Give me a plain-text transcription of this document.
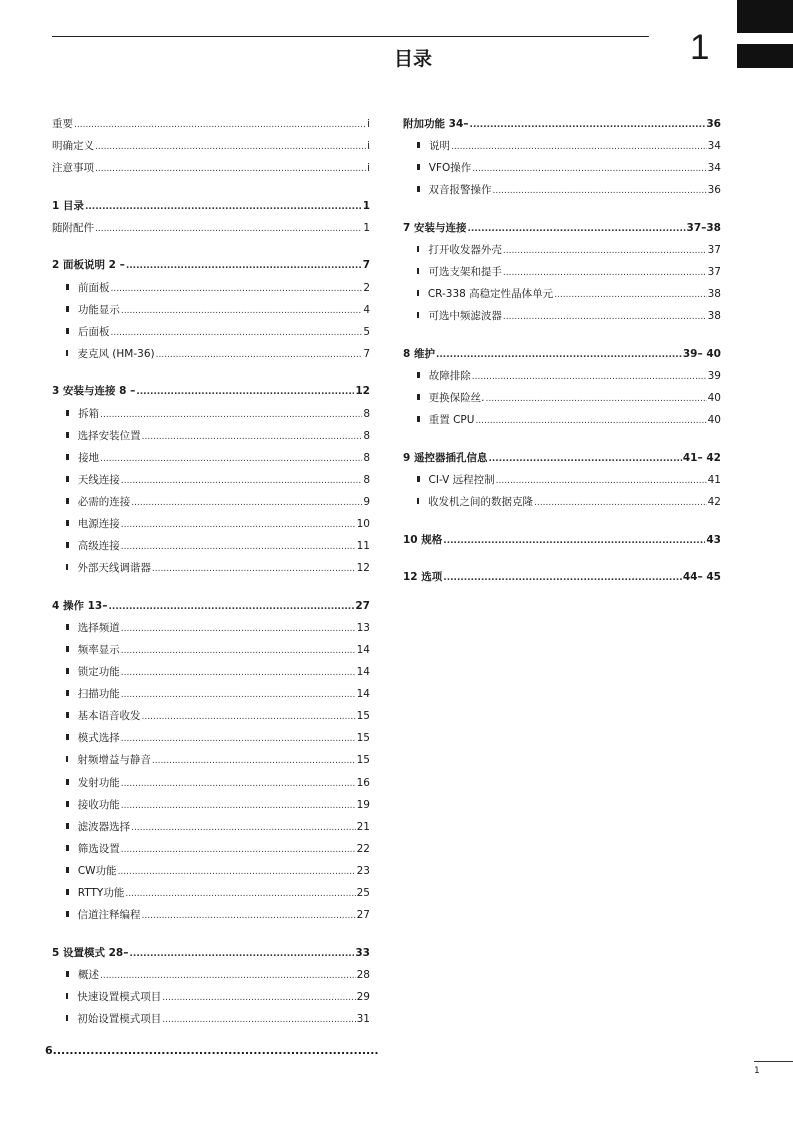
目录	1
重要 .....	i
明确定义 .....	i
注意事项 .....	i
1 目录 .....	1
随附配件 .....	1
2 面板说明 2 – .....	7
前面板 .....	2
功能显示 .....	4
后面板 .....	5
麦克风 (HM-36) .....	7
3 安装与连接 8 – .....	12
拆箱 .....	8
选择安装位置 .....	8
接地 .....	8
天线连接 .....	8
必需的连接 .....	9
电源连接 .....	10
高级连接 .....	11
外部天线调谐器 .....	12
4 操作 13– .....	27
选择频道 .....	13
频率显示 .....	14
锁定功能 .....	14
扫描功能 .....	14
基本语音收发 .....	15
模式选择 .....	15
射频增益与静音 .....	15
发射功能 .....	16
接收功能 .....	19
滤波器选择 .....	21
筛选设置 .....	22
CW功能 .....	23
RTTY功能 .....	25
信道注释编程 .....	27
5 设置模式 28– .....	33
概述 .....	28
快速设置模式项目 .....	29
初始设置模式项目 .....	31
附加功能 34– .....	36
说明 .....	34
VFO操作 .....	34
双音报警操作 .....	36
7 安装与连接 .....	37–38
打开收发器外壳 .....	37
可选支架和提手 .....	37
CR-338 高稳定性晶体单元 .....	38
可选中频滤波器 .....	38
8 维护 .....	39– 40
故障排除 .....	39
更换保险丝. .....	40
重置 CPU .....	40
9 遥控器插孔信息 .....	41– 42
CI-V 远程控制 .....	41
收发机之间的数据克隆 .....	42
10 规格 .....	43
12 选项 .....	44– 45
6..............................................................................
1
